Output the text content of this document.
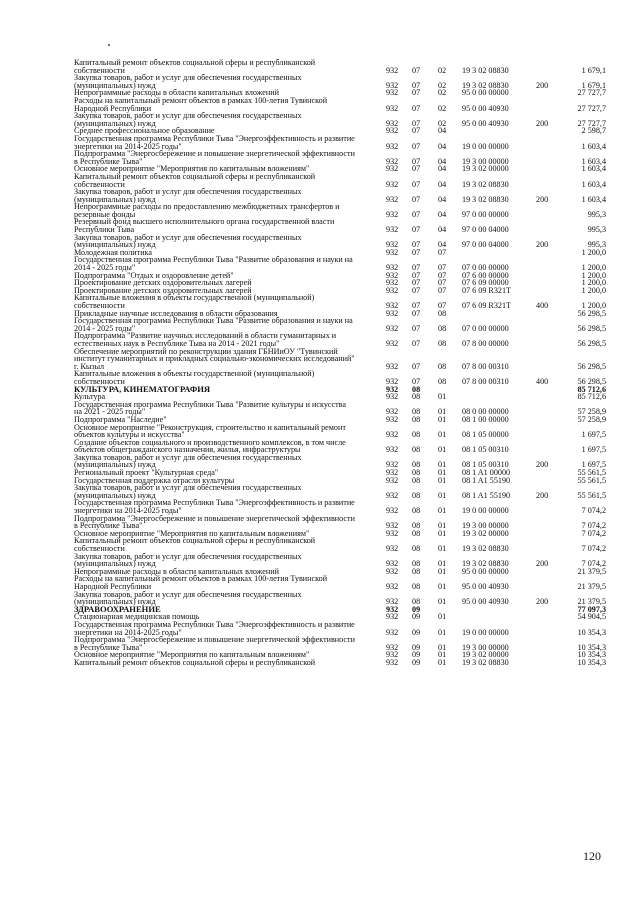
Капитальный ремонт объектов социальной сферы и республиканской
собственности	932	07	02	19 3 02 08830	1 679,1
Закупка товаров, работ и услуг для обеспечения государственных
(муниципальных) нужд	932	07	02	19 3 02 08830	200	1 679,1
Непрограммные расходы в области капитальных вложений	932	07	02	95 0 00 00000	27 727,7
Расходы на капитальный ремонт объектов в рамках 100-летия Тувинской
Народной Республики	932	07	02	95 0 00 40930	27 727,7
Закупка товаров, работ и услуг для обеспечения государственных
(муниципальных) нужд	932	07	02	95 0 00 40930	200	27 727,7
Среднее профессиональное образование	932	07	04	2 598,7
Государственная программа Республики Тыва "Энергоэффективность и развитие
энергетики на 2014-2025 годы"	932	07	04	19 0 00 00000	1 603,4
Подпрограмма "Энергосбережение и повышение энергетической эффективности
в Республике Тыва"	932	07	04	19 3 00 00000	1 603,4
Основное мероприятие "Мероприятия по капитальным вложениям"	932	07	04	19 3 02 00000	1 603,4
Капитальный ремонт объектов социальной сферы и республиканской
собственности	932	07	04	19 3 02 08830	1 603,4
Закупка товаров, работ и услуг для обеспечения государственных
(муниципальных) нужд	932	07	04	19 3 02 08830	200	1 603,4
Непрограммные расходы по предоставлению межбюджетных трансфертов и
резервные фонды	932	07	04	97 0 00 00000	995,3
Резервный фонд высшего исполнительного органа государственной власти
Республики Тыва	932	07	04	97 0 00 04000	995,3
Закупка товаров, работ и услуг для обеспечения государственных
(муниципальных) нужд	932	07	04	97 0 00 04000	200	995,3
Молодежная политика	932	07	07	1 200,0
Государственная программа Республики Тыва "Развитие образования и науки на
2014 - 2025 годы"	932	07	07	07 0 00 00000	1 200,0
Подпрограмма "Отдых и оздоровление детей"	932	07	07	07 6 00 00000	1 200,0
Проектирование детских оздоровительных лагерей	932	07	07	07 6 09 00000	1 200,0
Проектирование детских оздоровительных лагерей	932	07	07	07 6 09 R321T	1 200,0
Капитальные вложения в объекты государственной (муниципальной)
собственности	932	07	07	07 6 09 R321T	400	1 200,0
Прикладные научные исследования в области образования	932	07	08	56 298,5
Государственная программа Республики Тыва "Развитие образования и науки на
2014 - 2025 годы"	932	07	08	07 0 00 00000	56 298,5
Подпрограмма "Развитие научных исследований в области гуманитарных и
естественных наук в Республике Тыва на 2014 - 2021 годы"	932	07	08	07 8 00 00000	56 298,5
Обеспечение мероприятий по реконструкции здания ГБНИиОУ "Тувинский
институт гуманитарных и прикладных социально-экономических исследований"
г. Кызыл	932	07	08	07 8 00 00310	56 298,5
Капитальные вложения в объекты государственной (муниципальной)
собственности	932	07	08	07 8 00 00310	400	56 298,5
КУЛЬТУРА, КИНЕМАТОГРАФИЯ	932	08	85 712,6
Культура	932	08	01	85 712,6
Государственная программа Республики Тыва "Развитие культуры и искусства
на 2021 - 2025 годы"	932	08	01	08 0 00 00000	57 258,9
Подпрограмма "Наследие"	932	08	01	08 1 00 00000	57 258,9
Основное мероприятие "Реконструкция, строительство и капитальный ремонт
объектов культуры и искусства"	932	08	01	08 1 05 00000	1 697,5
Создание объектов социального и производственного комплексов, в том числе
объектов общегражданского назначения, жилья, инфраструктуры	932	08	01	08 1 05 00310	1 697,5
Закупка товаров, работ и услуг для обеспечения государственных
(муниципальных) нужд	932	08	01	08 1 05 00310	200	1 697,5
Региональный проект "Культурная среда"	932	08	01	08 1 A1 00000	55 561,5
Государственная поддержка отрасли культуры	932	08	01	08 1 A1 55190	55 561,5
Закупка товаров, работ и услуг для обеспечения государственных
(муниципальных) нужд	932	08	01	08 1 A1 55190	200	55 561,5
Государственная программа Республики Тыва "Энергоэффективность и развитие
энергетики на 2014-2025 годы"	932	08	01	19 0 00 00000	7 074,2
Подпрограмма "Энергосбережение и повышение энергетической эффективности
в Республике Тыва"	932	08	01	19 3 00 00000	7 074,2
Основное мероприятие "Мероприятия по капитальным вложениям"	932	08	01	19 3 02 00000	7 074,2
Капитальный ремонт объектов социальной сферы и республиканской
собственности	932	08	01	19 3 02 08830	7 074,2
Закупка товаров, работ и услуг для обеспечения государственных
(муниципальных) нужд	932	08	01	19 3 02 08830	200	7 074,2
Непрограммные расходы в области капитальных вложений	932	08	01	95 0 00 00000	21 379,5
Расходы на капитальный ремонт объектов в рамках 100-летия Тувинской
Народной Республики	932	08	01	95 0 00 40930	21 379,5
Закупка товаров, работ и услуг для обеспечения государственных
(муниципальных) нужд	932	08	01	95 0 00 40930	200	21 379,5
ЗДРАВООХРАНЕНИЕ	932	09	77 097,3
Стационарная медицинская помощь	932	09	01	54 904,5
Государственная программа Республики Тыва "Энергоэффективность и развитие
энергетики на 2014-2025 годы"	932	09	01	19 0 00 00000	10 354,3
Подпрограмма "Энергосбережение и повышение энергетической эффективности
в Республике Тыва"	932	09	01	19 3 00 00000	10 354,3
Основное мероприятие "Мероприятия по капитальным вложениям"	932	09	01	19 3 02 00000	10 354,3
Капитальный ремонт объектов социальной сферы и республиканской	932	09	01	19 3 02 08830	10 354,3
120
